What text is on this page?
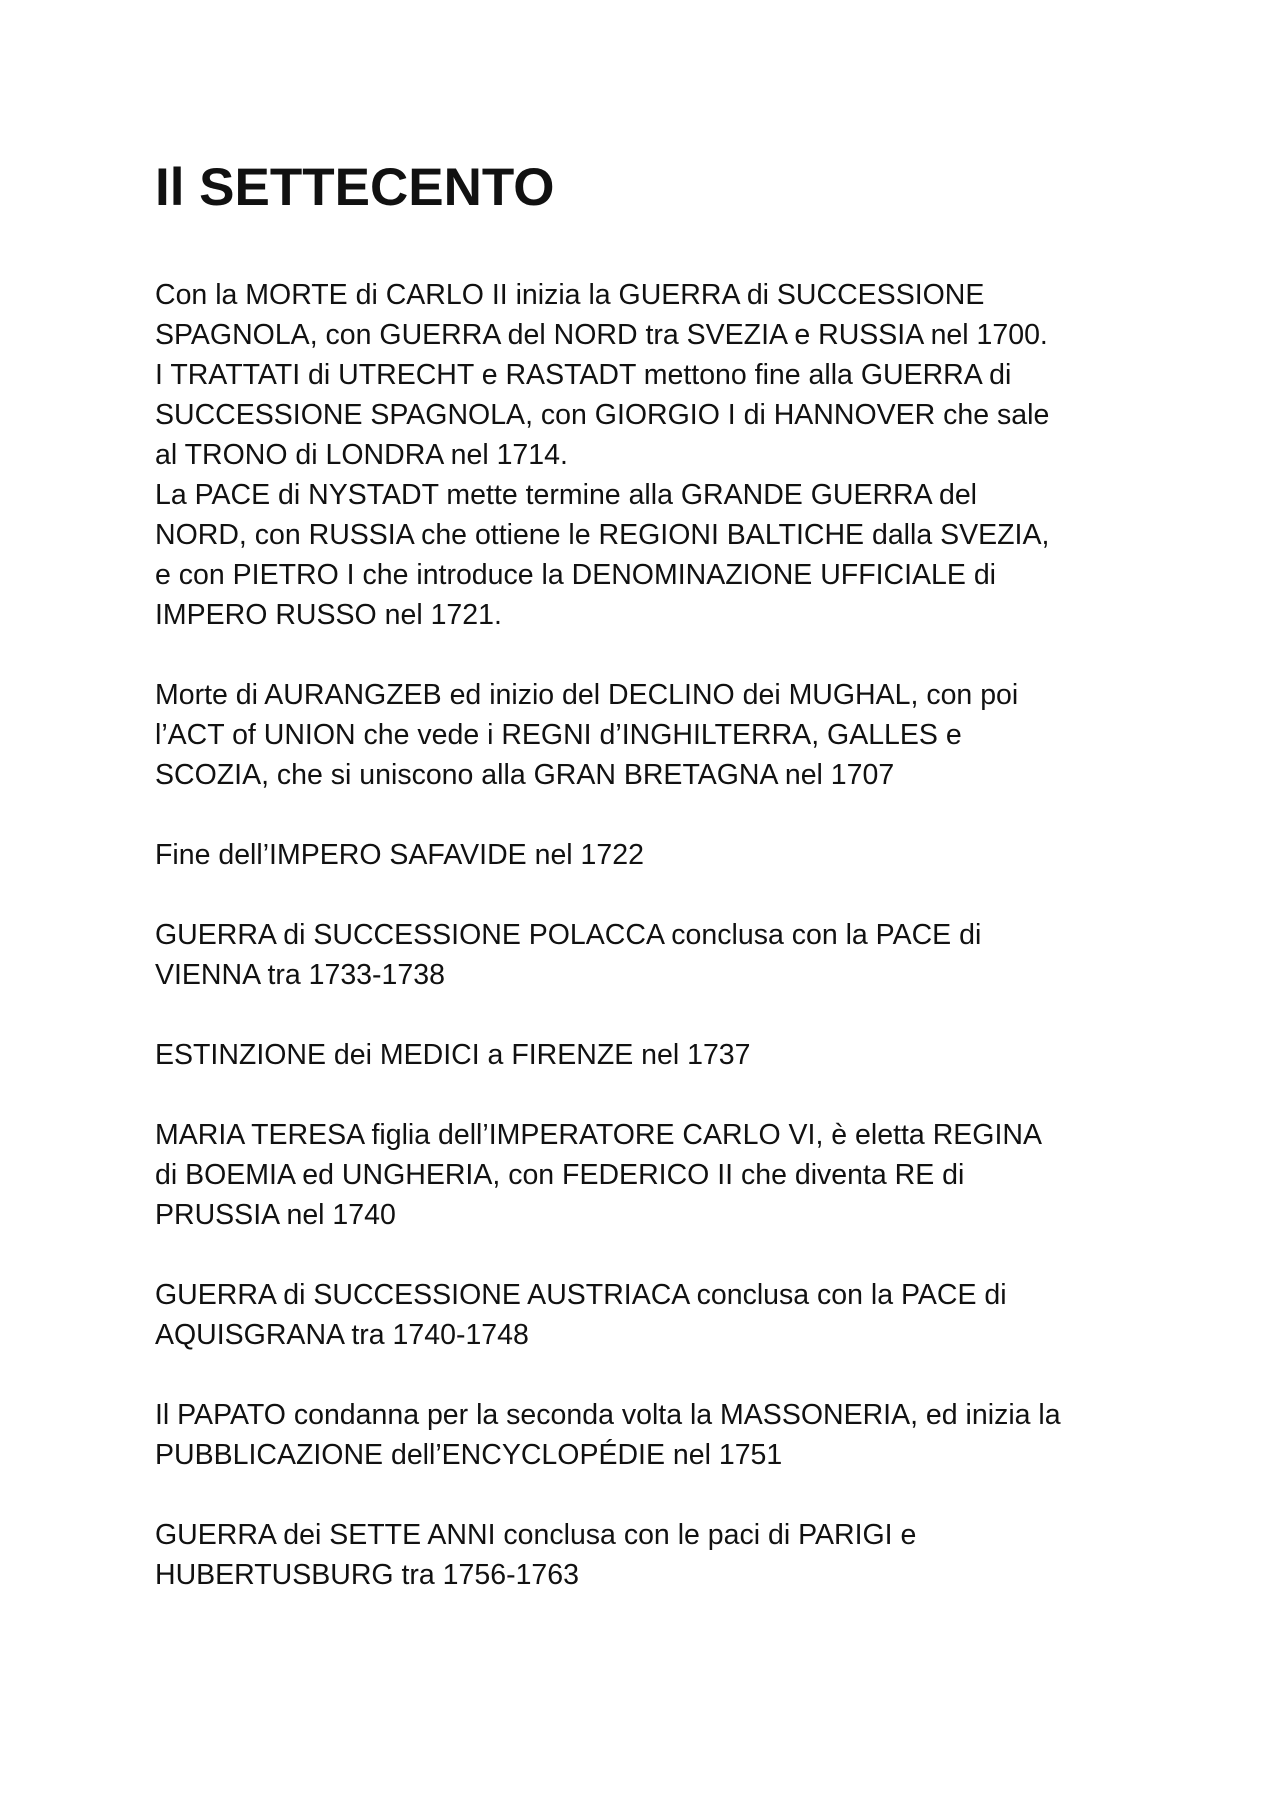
Il SETTECENTO

Con la MORTE di CARLO II inizia la GUERRA di SUCCESSIONE
SPAGNOLA, con GUERRA del NORD tra SVEZIA e RUSSIA nel 1700.
I TRATTATI di UTRECHT e RASTADT mettono fine alla GUERRA di
SUCCESSIONE SPAGNOLA, con GIORGIO I di HANNOVER che sale
al TRONO di LONDRA nel 1714.
La PACE di NYSTADT mette termine alla GRANDE GUERRA del
NORD, con RUSSIA che ottiene le REGIONI BALTICHE dalla SVEZIA,
e con PIETRO I che introduce la DENOMINAZIONE UFFICIALE di
IMPERO RUSSO nel 1721.

Morte di AURANGZEB ed inizio del DECLINO dei MUGHAL, con poi
l’ACT of UNION che vede i REGNI d’INGHILTERRA, GALLES e
SCOZIA, che si uniscono alla GRAN BRETAGNA nel 1707

Fine dell’IMPERO SAFAVIDE nel 1722

GUERRA di SUCCESSIONE POLACCA conclusa con la PACE di
VIENNA tra 1733-1738

ESTINZIONE dei MEDICI a FIRENZE nel 1737

MARIA TERESA figlia dell’IMPERATORE CARLO VI, è eletta REGINA
di BOEMIA ed UNGHERIA, con FEDERICO II che diventa RE di
PRUSSIA nel 1740

GUERRA di SUCCESSIONE AUSTRIACA conclusa con la PACE di
AQUISGRANA tra 1740-1748

Il PAPATO condanna per la seconda volta la MASSONERIA, ed inizia la
PUBBLICAZIONE dell’ENCYCLOPÉDIE nel 1751

GUERRA dei SETTE ANNI conclusa con le paci di PARIGI e
HUBERTUSBURG tra 1756-1763
